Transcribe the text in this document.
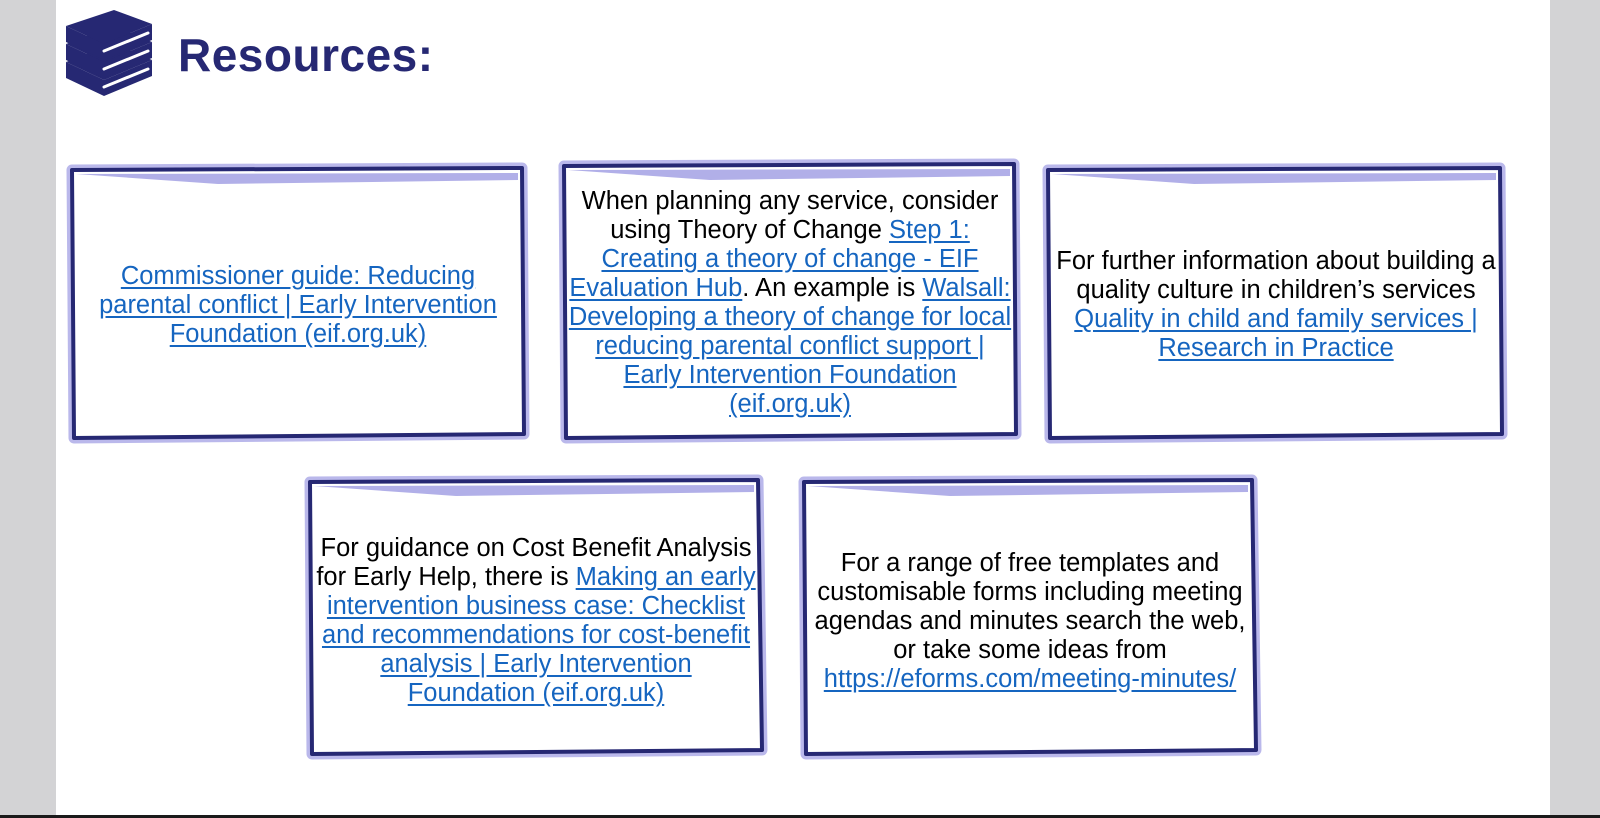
Resources:

Commissioner guide: Reducing parental conflict | Early Intervention Foundation (eif.org.uk)

When planning any service, consider using Theory of Change Step 1: Creating a theory of change - EIF Evaluation Hub. An example is Walsall: Developing a theory of change for local reducing parental conflict support | Early Intervention Foundation (eif.org.uk)

For further information about building a quality culture in children’s services Quality in child and family services | Research in Practice

For guidance on Cost Benefit Analysis for Early Help, there is Making an early intervention business case: Checklist and recommendations for cost-benefit analysis | Early Intervention Foundation (eif.org.uk)

For a range of free templates and customisable forms including meeting agendas and minutes search the web, or take some ideas from https://eforms.com/meeting-minutes/
